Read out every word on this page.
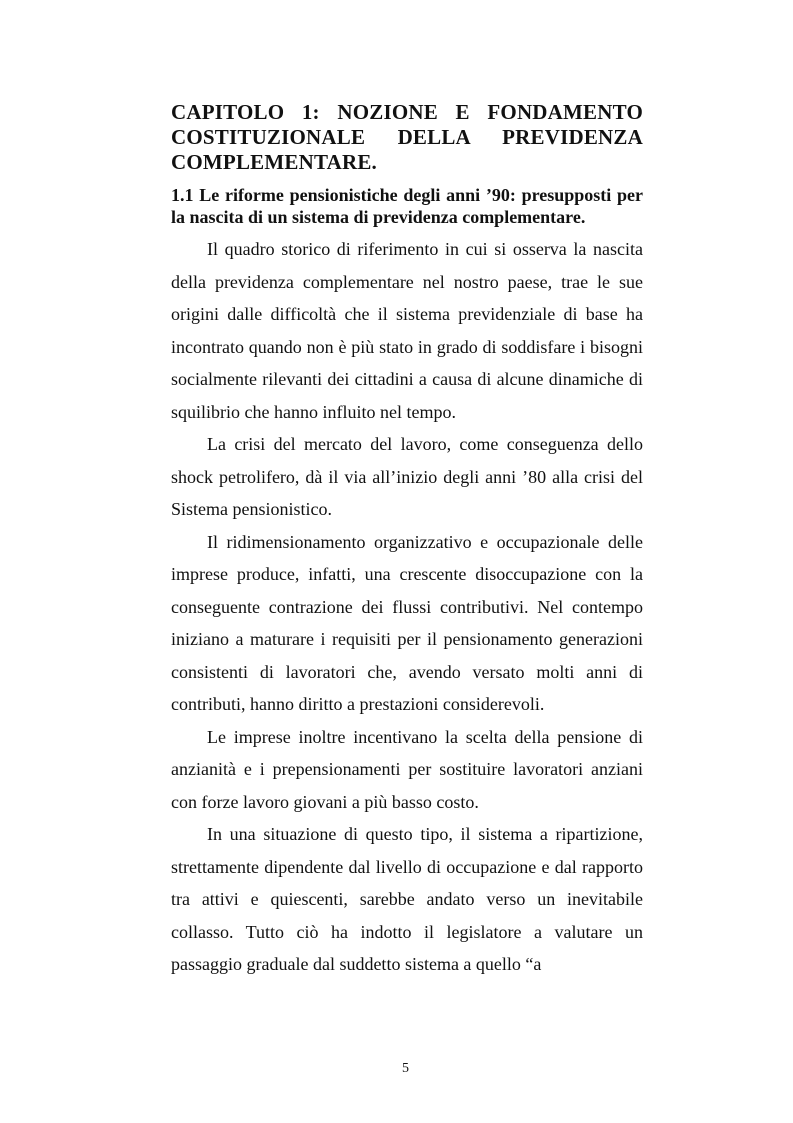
CAPITOLO 1: NOZIONE E FONDAMENTO COSTITUZIONALE DELLA PREVIDENZA COMPLEMENTARE.
1.1 Le riforme pensionistiche degli anni ’90: presupposti per la nascita di un sistema di previdenza complementare.

Il quadro storico di riferimento in cui si osserva la nascita della previdenza complementare nel nostro paese, trae le sue origini dalle difficoltà che il sistema previdenziale di base ha incontrato quando non è più stato in grado di soddisfare i bisogni socialmente rilevanti dei cittadini a causa di alcune dinamiche di squilibrio che hanno influito nel tempo.

La crisi del mercato del lavoro, come conseguenza dello shock petrolifero, dà il via all’inizio degli anni ’80 alla crisi del Sistema pensionistico.

Il ridimensionamento organizzativo e occupazionale delle imprese produce, infatti, una crescente disoccupazione con la conseguente contrazione dei flussi contributivi. Nel contempo iniziano a maturare i requisiti per il pensionamento generazioni consistenti di lavoratori che, avendo versato molti anni di contributi, hanno diritto a prestazioni considerevoli.

Le imprese inoltre incentivano la scelta della pensione di anzianità e i prepensionamenti per sostituire lavoratori anziani con forze lavoro giovani a più basso costo.

In una situazione di questo tipo, il sistema a ripartizione, strettamente dipendente dal livello di occupazione e dal rapporto tra attivi e quiescenti, sarebbe andato verso un inevitabile collasso. Tutto ciò ha indotto il legislatore a valutare un passaggio graduale dal suddetto sistema a quello “a

5
